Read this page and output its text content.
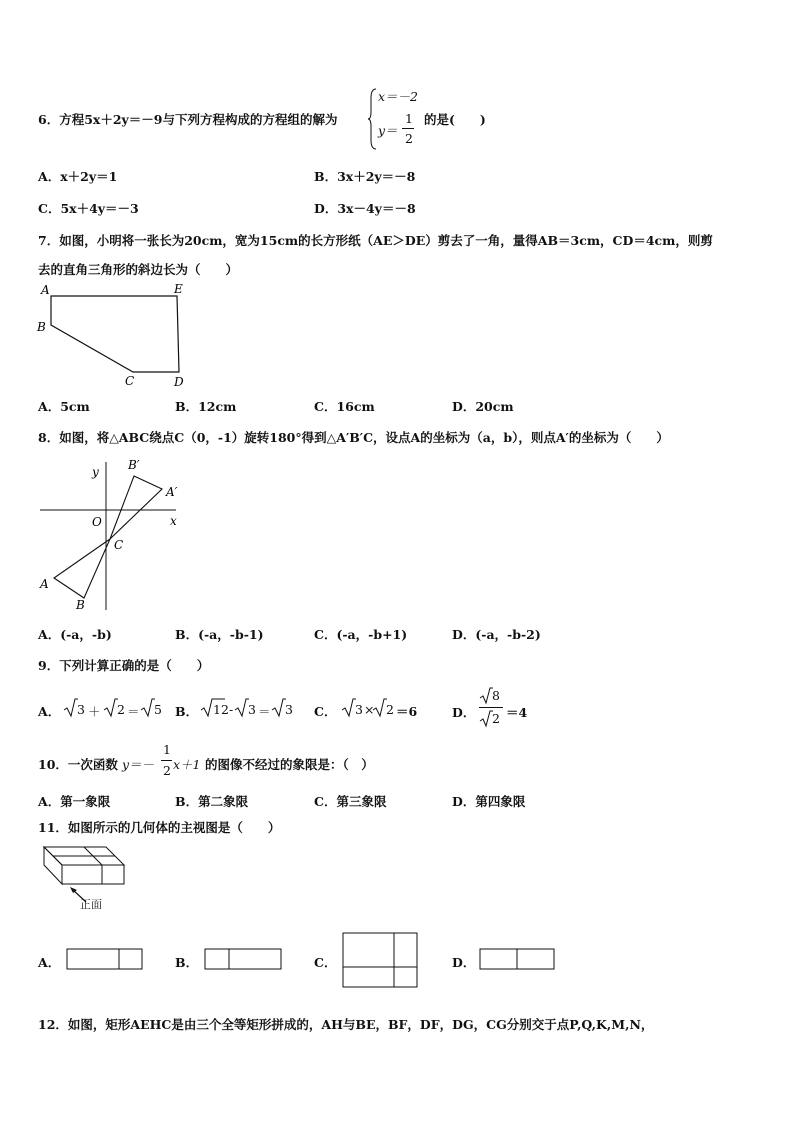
6．方程5x＋2y＝－9与下列方程构成的方程组的解为
x＝－2
y＝
1
2
的是(　　)
A．x＋2y＝1	B．3x＋2y＝－8
C．5x＋4y＝－3	D．3x－4y＝－8
7．如图，小明将一张长为20cm，宽为15cm的长方形纸（AE＞DE）剪去了一角，量得AB＝3cm，CD＝4cm，则剪
去的直角三角形的斜边长为（　　）
A	E
B
C	D
A．5cm	B．12cm	C．16cm	D．20cm
8．如图，将△ABC绕点C（0，-1）旋转180°得到△A′B′C，设点A的坐标为（a，b），则点A′的坐标为（　　）
y
x
O
C
A
B
A′
B′
A．(-a，-b)	B．(-a，-b-1)	C．(-a，-b+1)	D．(-a，-b-2)
9．下列计算正确的是（　　）
A． 3 ＋ 2 ＝ 5 B． 12 - 3 ＝ 3 C． 3 × 2 ＝6	D．
8
2 ＝4
10．一次函数 y＝－
1
2 x＋1 的图像不经过的象限是：（　）
A．第一象限	B．第二象限	C．第三象限	D．第四象限
11．如图所示的几何体的主视图是（　　）
正面
A．	B．	C．	D．
12．如图，矩形AEHC是由三个全等矩形拼成的，AH与BE，BF，DF，DG，CG分别交于点P,Q,K,M,N，
